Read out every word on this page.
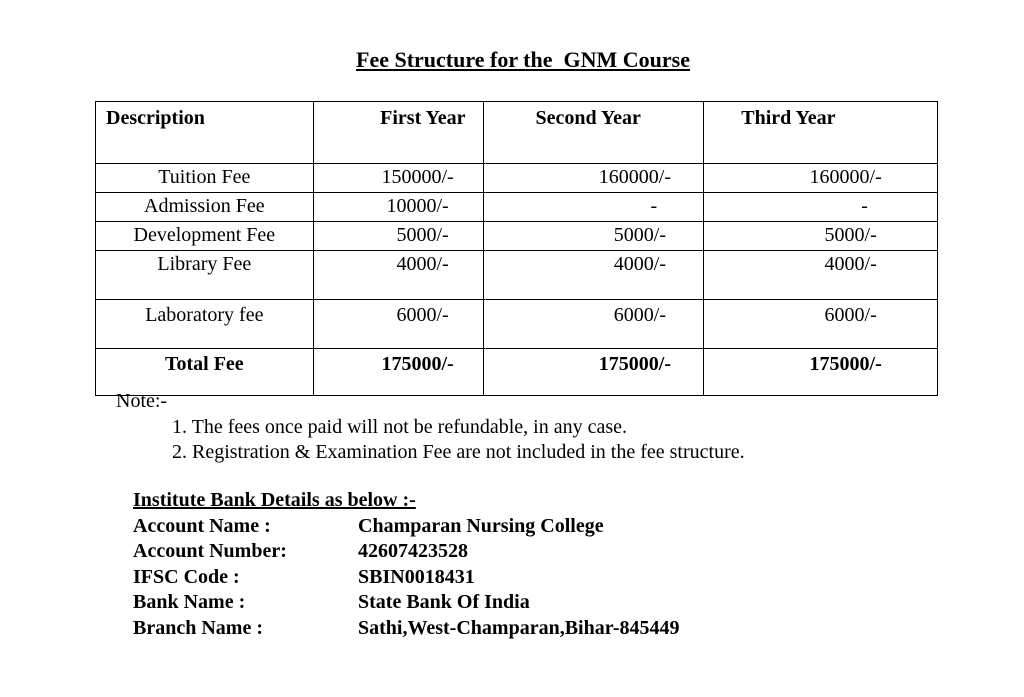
Fee Structure for the  GNM Course
Description	First Year	Second Year	Third Year
Tuition Fee	150000/-	160000/-	160000/-
Admission Fee	10000/-	-	-
Development Fee	5000/-	5000/-	5000/-
Library Fee	4000/-	4000/-	4000/-
Laboratory fee	6000/-	6000/-	6000/-
Total Fee	175000/-	175000/-	175000/-
Note:-
1. The fees once paid will not be refundable, in any case.
2. Registration & Examination Fee are not included in the fee structure.
Institute Bank Details as below :-
Account Name :	Champaran Nursing College
Account Number:	42607423528
IFSC Code :	SBIN0018431
Bank Name :	State Bank Of India
Branch Name :	Sathi,West-Champaran,Bihar-845449
